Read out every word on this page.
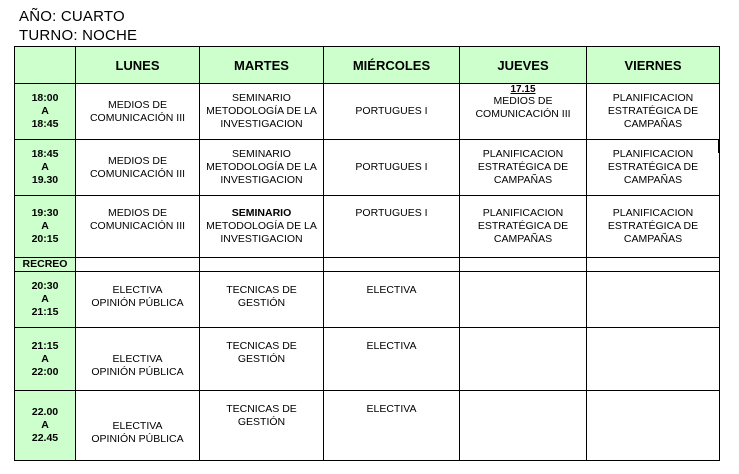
AÑO: CUARTO
TURNO: NOCHE
	LUNES	MARTES	MIÉRCOLES	JUEVES	VIERNES

18:00
A
18:45	MEDIOS DE
COMUNICACIÓN III	SEMINARIO
METODOLOGÍA DE LA
INVESTIGACION	PORTUGUES I	17.15
MEDIOS DE
COMUNICACIÓN III	PLANIFICACION
ESTRATÉGICA DE
CAMPAÑAS

18:45
A
19.30	MEDIOS DE
COMUNICACIÓN III	SEMINARIO
METODOLOGÍA DE LA
INVESTIGACION	PORTUGUES I	PLANIFICACION
ESTRATÉGICA DE
CAMPAÑAS	PLANIFICACION
ESTRATÉGICA DE
CAMPAÑAS

19:30
A
20:15	MEDIOS DE
COMUNICACIÓN III	SEMINARIO
METODOLOGÍA DE LA
INVESTIGACION	PORTUGUES I	PLANIFICACION
ESTRATÉGICA DE
CAMPAÑAS	PLANIFICACION
ESTRATÉGICA DE
CAMPAÑAS

RECREO					

20:30
A
21:15	ELECTIVA
OPINIÓN PÚBLICA	TECNICAS DE
GESTIÓN	ELECTIVA		

21:15
A
22:00	ELECTIVA
OPINIÓN PÚBLICA	TECNICAS DE
GESTIÓN	ELECTIVA		

22.00
A
22.45	ELECTIVA
OPINIÓN PÚBLICA	TECNICAS DE
GESTIÓN	ELECTIVA		
